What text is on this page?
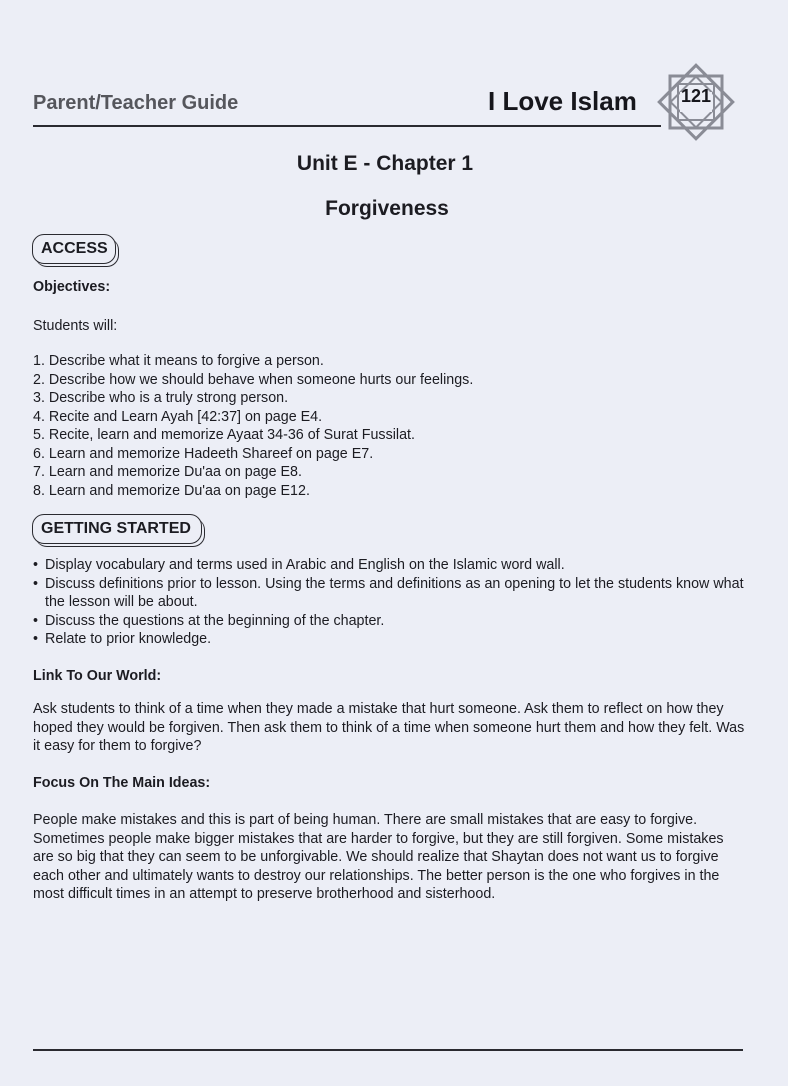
Parent/Teacher Guide	I Love Islam	121
Unit E - Chapter 1
Forgiveness
ACCESS
Objectives:
Students will:
1. Describe what it means to forgive a person.
2. Describe how we should behave when someone hurts our feelings.
3. Describe who is a truly strong person.
4. Recite and Learn Ayah [42:37] on page E4.
5. Recite, learn and memorize Ayaat 34-36 of Surat Fussilat.
6. Learn and memorize Hadeeth Shareef on page E7.
7. Learn and memorize Du'aa on page E8.
8. Learn and memorize Du'aa on page E12.
GETTING STARTED
• Display vocabulary and terms used in Arabic and English on the Islamic word wall.
• Discuss definitions prior to lesson. Using the terms and definitions as an opening to let the students know what the lesson will be about.
• Discuss the questions at the beginning of the chapter.
• Relate to prior knowledge.
Link To Our World:
Ask students to think of a time when they made a mistake that hurt someone. Ask them to reflect on how they hoped they would be forgiven. Then ask them to think of a time when someone hurt them and how they felt. Was it easy for them to forgive?
Focus On The Main Ideas:
People make mistakes and this is part of being human. There are small mistakes that are easy to forgive. Sometimes people make bigger mistakes that are harder to forgive, but they are still forgiven. Some mistakes are so big that they can seem to be unforgivable. We should realize that Shaytan does not want us to forgive each other and ultimately wants to destroy our relationships. The better person is the one who forgives in the most difficult times in an attempt to preserve brotherhood and sisterhood.
